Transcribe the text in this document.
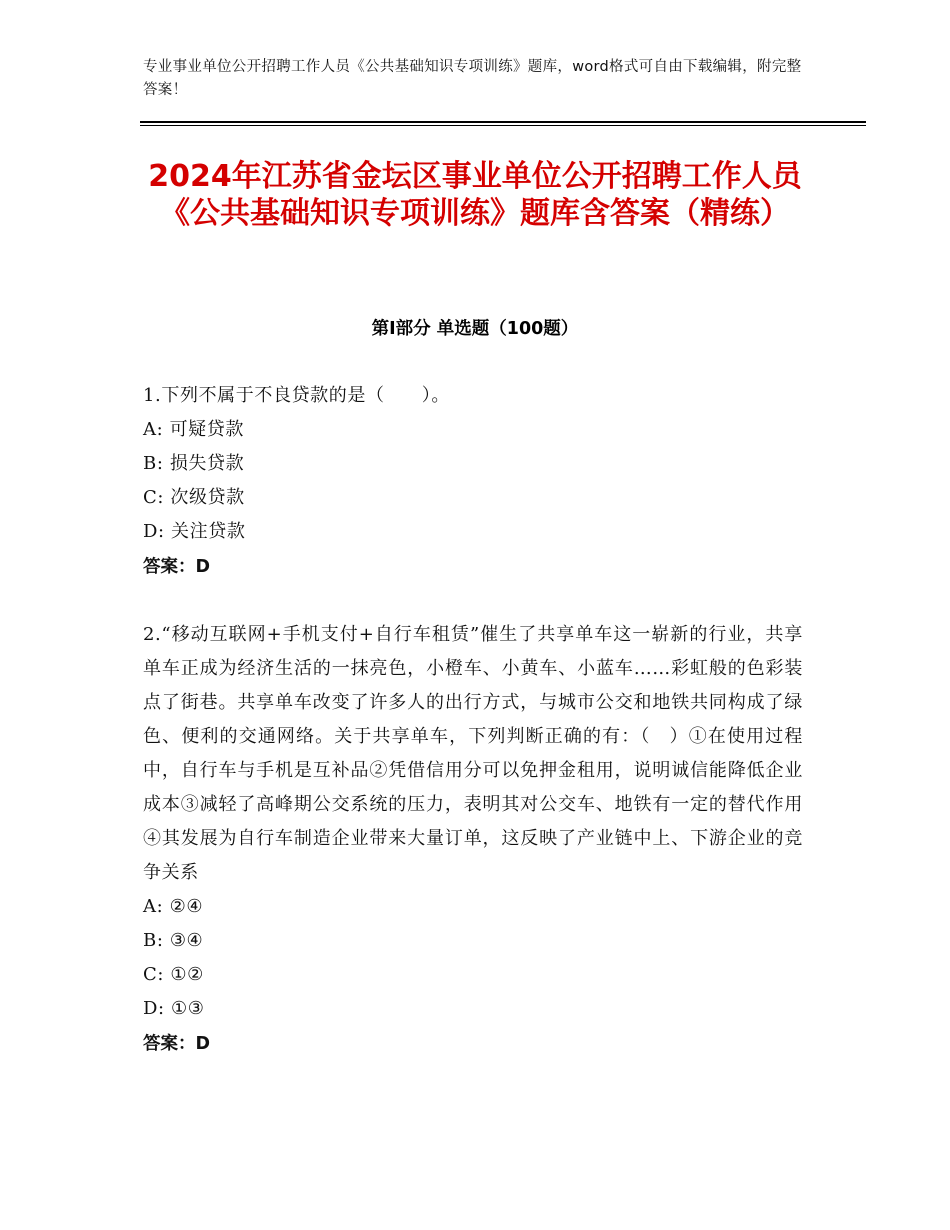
专业事业单位公开招聘工作人员《公共基础知识专项训练》题库，word格式可自由下载编辑，附完整答案！
2024年江苏省金坛区事业单位公开招聘工作人员《公共基础知识专项训练》题库含答案（精练）
第Ⅰ部分 单选题（100题）
1.下列不属于不良贷款的是（　　）。
A: 可疑贷款
B: 损失贷款
C: 次级贷款
D: 关注贷款
答案：D
2.“移动互联网+手机支付+自行车租赁”催生了共享单车这一崭新的行业，共享单车正成为经济生活的一抹亮色，小橙车、小黄车、小蓝车……彩虹般的色彩装点了街巷。共享单车改变了许多人的出行方式，与城市公交和地铁共同构成了绿色、便利的交通网络。关于共享单车，下列判断正确的有：（　）①在使用过程中，自行车与手机是互补品②凭借信用分可以免押金租用，说明诚信能降低企业成本③减轻了高峰期公交系统的压力，表明其对公交车、地铁有一定的替代作用④其发展为自行车制造企业带来大量订单，这反映了产业链中上、下游企业的竞争关系
A: ②④
B: ③④
C: ①②
D: ①③
答案：D
